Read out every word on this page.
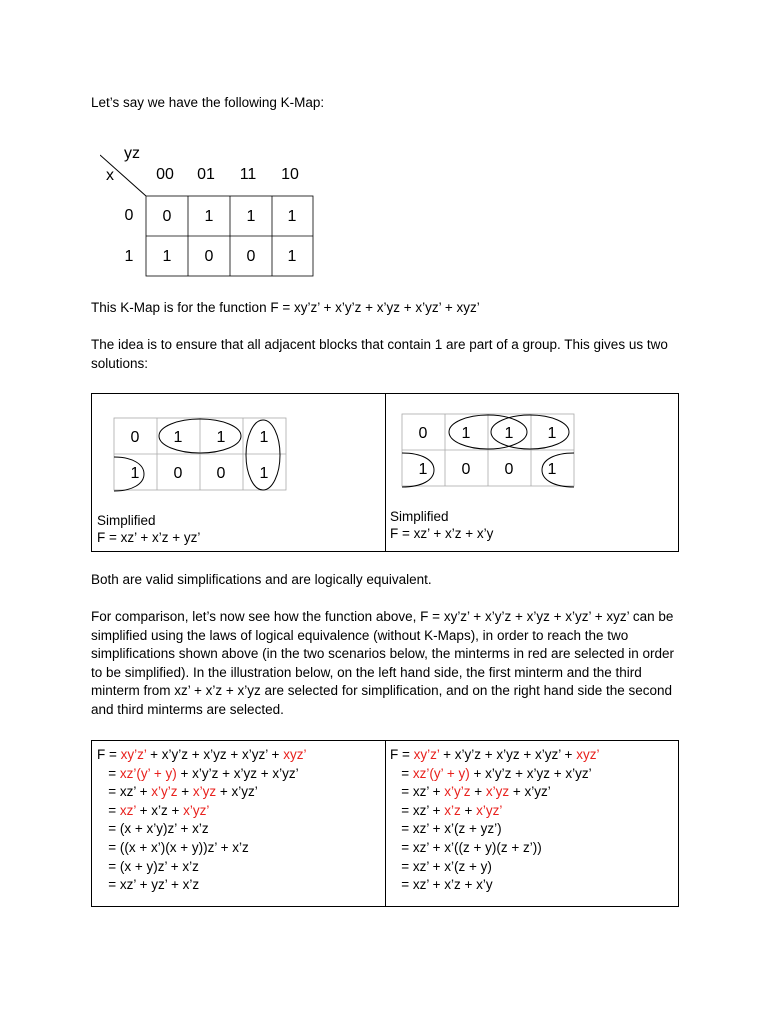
Let’s say we have the following K-Map:

yz
x	00 01 11 10
0
1
0 1 1 1
1 0 0 1

This K-Map is for the function F = xy’z’ + x’y’z + x’yz + x’yz’ + xyz’

The idea is to ensure that all adjacent blocks that contain 1 are part of a group. This gives us two solutions:

0 1 1 1
1 0 0 1
Simplified
F = xz’ + x’z + yz’
0 1 1 1
1 0 0 1
Simplified
F = xz’ + x’z + x’y

Both are valid simplifications and are logically equivalent.

For comparison, let’s now see how the function above, F = xy’z’ + x’y’z + x’yz + x’yz’ + xyz’ can be simplified using the laws of logical equivalence (without K-Maps), in order to reach the two simplifications shown above (in the two scenarios below, the minterms in red are selected in order to be simplified). In the illustration below, on the left hand side, the first minterm and the third minterm from xz’ + x’z + x’yz are selected for simplification, and on the right hand side the second and third minterms are selected.

F = xy’z’ + x’y’z + x’yz + x’yz’ + xyz’
= xz’(y’ + y) + x’y’z + x’yz + x’yz’
= xz’ + x’y’z + x’yz + x’yz’
= xz’ + x’z + x’yz’
= (x + x’y)z’ + x’z
= ((x + x’)(x + y))z’ + x’z
= (x + y)z’ + x’z
= xz’ + yz’ + x’z
F = xy’z’ + x’y’z + x’yz + x’yz’ + xyz’
= xz’(y’ + y) + x’y’z + x’yz + x’yz’
= xz’ + x’y’z + x’yz + x’yz’
= xz’ + x’z + x’yz’
= xz’ + x’(z + yz’)
= xz’ + x’((z + y)(z + z’))
= xz’ + x’(z + y)
= xz’ + x’z + x’y
